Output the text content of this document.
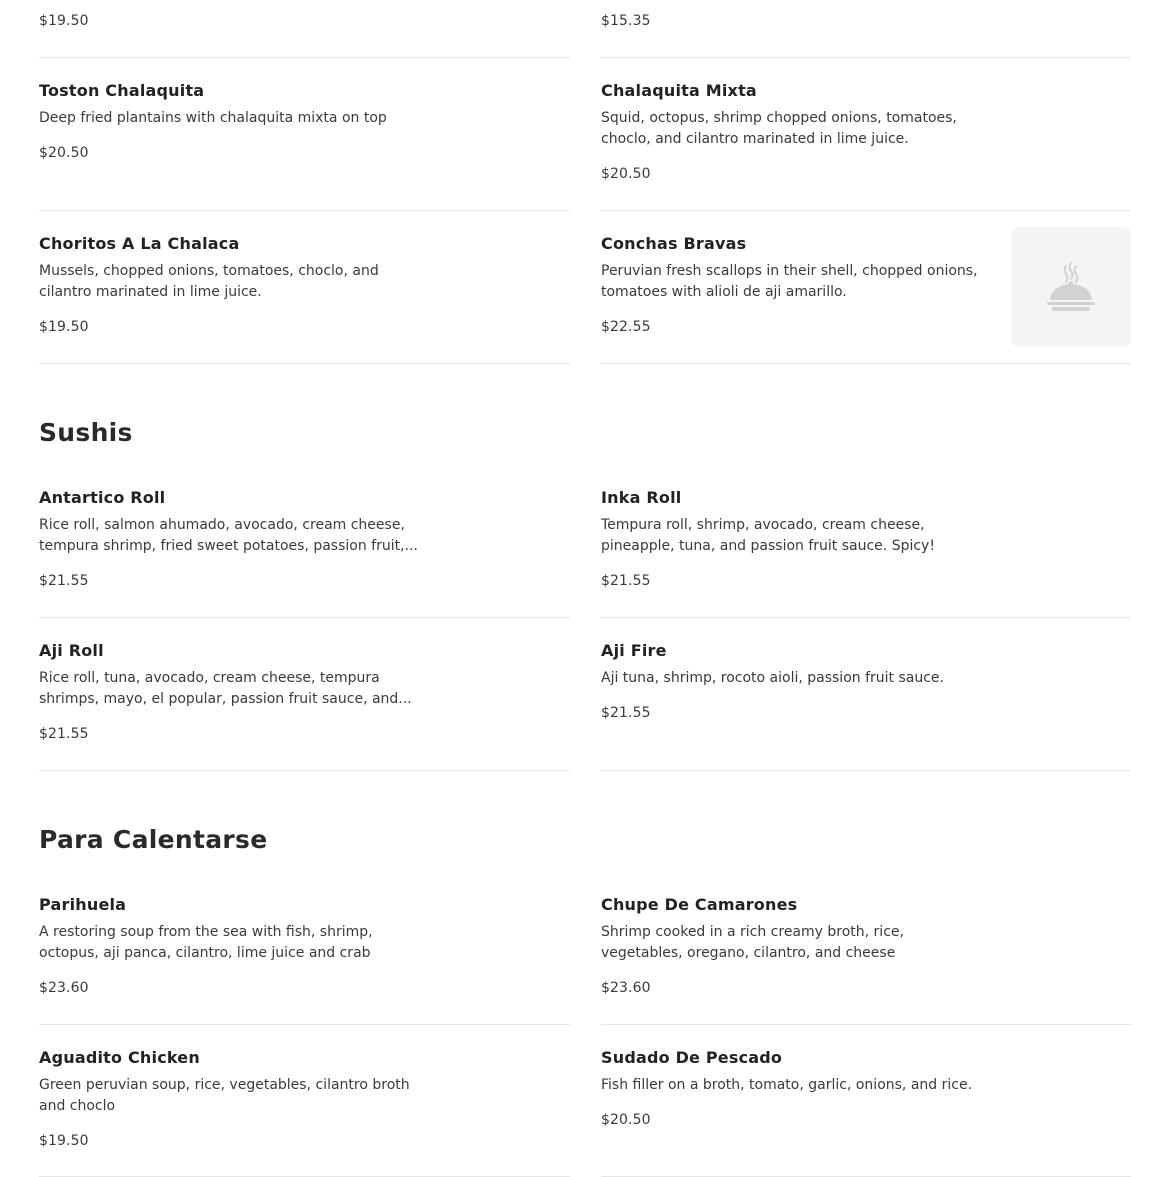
$19.50	$15.35
Toston Chalaquita
Deep fried plantains with chalaquita mixta on top
$20.50
Chalaquita Mixta
Squid, octopus, shrimp chopped onions, tomatoes, choclo, and cilantro marinated in lime juice.
$20.50
Choritos A La Chalaca
Mussels, chopped onions, tomatoes, choclo, and cilantro marinated in lime juice.
$19.50
Conchas Bravas
Peruvian fresh scallops in their shell, chopped onions, tomatoes with alioli de aji amarillo.
$22.55
Sushis
Antartico Roll
Rice roll, salmon ahumado, avocado, cream cheese, tempura shrimp, fried sweet potatoes, passion fruit,...
$21.55
Inka Roll
Tempura roll, shrimp, avocado, cream cheese, pineapple, tuna, and passion fruit sauce. Spicy!
$21.55
Aji Roll
Rice roll, tuna, avocado, cream cheese, tempura shrimps, mayo, el popular, passion fruit sauce, and...
$21.55
Aji Fire
Aji tuna, shrimp, rocoto aioli, passion fruit sauce.
$21.55
Para Calentarse
Parihuela
A restoring soup from the sea with fish, shrimp, octopus, aji panca, cilantro, lime juice and crab
$23.60
Chupe De Camarones
Shrimp cooked in a rich creamy broth, rice, vegetables, oregano, cilantro, and cheese
$23.60
Aguadito Chicken
Green peruvian soup, rice, vegetables, cilantro broth and choclo
$19.50
Sudado De Pescado
Fish filler on a broth, tomato, garlic, onions, and rice.
$20.50
